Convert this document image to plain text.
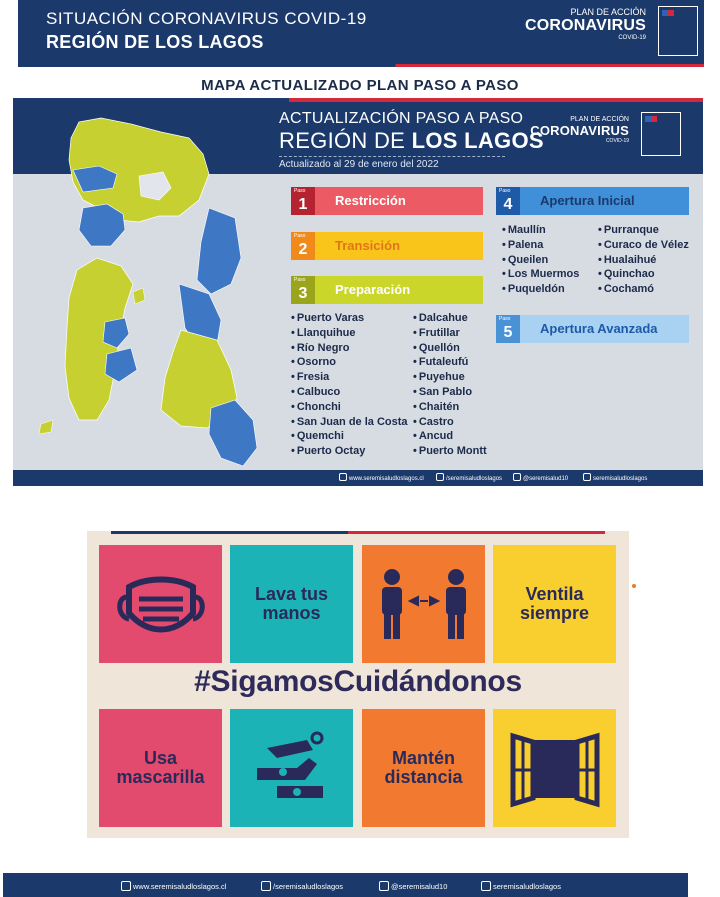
SITUACIÓN CORONAVIRUS COVID-19
REGIÓN DE LOS LAGOS
PLAN DE ACCIÓN
CORONAVIRUS
COVID-19
MAPA ACTUALIZADO PLAN PASO A PASO
ACTUALIZACIÓN PASO A PASO
REGIÓN DE LOS LAGOS
Actualizado al 29 de enero del 2022
PLAN DE ACCIÓN
CORONAVIRUS
COVID-19
1
Paso
Restricción
2
Paso
Transición
3
Paso
Preparación
4
Paso
Apertura Inicial
5
Paso
Apertura Avanzada
• Puerto Varas
• Llanquihue
• Río Negro
• Osorno
• Fresia
• Calbuco
• Chonchi
• San Juan de la Costa
• Quemchi
• Puerto Octay
• Dalcahue
• Frutillar
• Quellón
• Futaleufú
• Puyehue
• San Pablo
• Chaitén
• Castro
• Ancud
• Puerto Montt
• Maullín
• Palena
• Queilen
• Los Muermos
• Puqueldón
• Purranque
• Curaco de Vélez
• Hualaihué
• Quinchao
• Cochamó
www.seremisaludloslagos.cl	/seremisaludloslagos	@seremisalud10	seremisaludloslagos
Lava tus manos
Ventila siempre
#SigamosCuidándonos
Usa mascarilla
Mantén distancia
www.seremisaludloslagos.cl	/seremisaludloslagos	@seremisalud10	seremisaludloslagos
